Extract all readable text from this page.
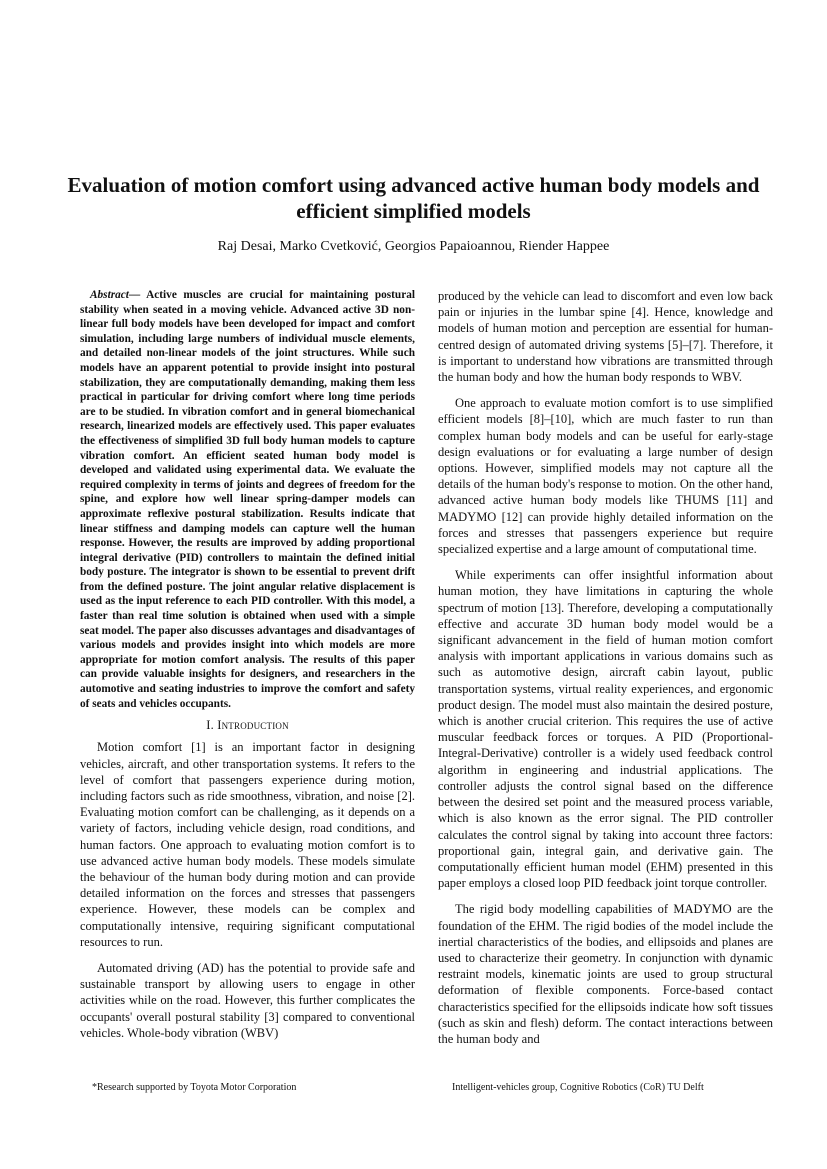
Evaluation of motion comfort using advanced active human body models and efficient simplified models
Raj Desai, Marko Cvetković, Georgios Papaioannou, Riender Happee

Abstract— Active muscles are crucial for maintaining postural stability when seated in a moving vehicle. Advanced active 3D non-linear full body models have been developed for impact and comfort simulation, including large numbers of individual muscle elements, and detailed non-linear models of the joint structures. While such models have an apparent potential to provide insight into postural stabilization, they are computationally demanding, making them less practical in particular for driving comfort where long time periods are to be studied. In vibration comfort and in general biomechanical research, linearized models are effectively used. This paper evaluates the effectiveness of simplified 3D full body human models to capture vibration comfort. An efficient seated human body model is developed and validated using experimental data. We evaluate the required complexity in terms of joints and degrees of freedom for the spine, and explore how well linear spring-damper models can approximate reflexive postural stabilization. Results indicate that linear stiffness and damping models can capture well the human response. However, the results are improved by adding proportional integral derivative (PID) controllers to maintain the defined initial body posture. The integrator is shown to be essential to prevent drift from the defined posture. The joint angular relative displacement is used as the input reference to each PID controller. With this model, a faster than real time solution is obtained when used with a simple seat model. The paper also discusses advantages and disadvantages of various models and provides insight into which models are more appropriate for motion comfort analysis. The results of this paper can provide valuable insights for designers, and researchers in the automotive and seating industries to improve the comfort and safety of seats and vehicles occupants.

I. Introduction

Motion comfort [1] is an important factor in designing vehicles, aircraft, and other transportation systems. It refers to the level of comfort that passengers experience during motion, including factors such as ride smoothness, vibration, and noise [2]. Evaluating motion comfort can be challenging, as it depends on a variety of factors, including vehicle design, road conditions, and human factors. One approach to evaluating motion comfort is to use advanced active human body models. These models simulate the behaviour of the human body during motion and can provide detailed information on the forces and stresses that passengers experience. However, these models can be complex and computationally intensive, requiring significant computational resources to run.

Automated driving (AD) has the potential to provide safe and sustainable transport by allowing users to engage in other activities while on the road. However, this further complicates the occupants' overall postural stability [3] compared to conventional vehicles. Whole-body vibration (WBV)

produced by the vehicle can lead to discomfort and even low back pain or injuries in the lumbar spine [4]. Hence, knowledge and models of human motion and perception are essential for human-centred design of automated driving systems [5]–[7]. Therefore, it is important to understand how vibrations are transmitted through the human body and how the human body responds to WBV.

One approach to evaluate motion comfort is to use simplified efficient models [8]–[10], which are much faster to run than complex human body models and can be useful for early-stage design evaluations or for evaluating a large number of design options. However, simplified models may not capture all the details of the human body's response to motion. On the other hand, advanced active human body models like THUMS [11] and MADYMO [12] can provide highly detailed information on the forces and stresses that passengers experience but require specialized expertise and a large amount of computational time.

While experiments can offer insightful information about human motion, they have limitations in capturing the whole spectrum of motion [13]. Therefore, developing a computationally effective and accurate 3D human body model would be a significant advancement in the field of human motion comfort analysis with important applications in various domains such as such as automotive design, aircraft cabin layout, public transportation systems, virtual reality experiences, and ergonomic product design. The model must also maintain the desired posture, which is another crucial criterion. This requires the use of active muscular feedback forces or torques. A PID (Proportional-Integral-Derivative) controller is a widely used feedback control algorithm in engineering and industrial applications. The controller adjusts the control signal based on the difference between the desired set point and the measured process variable, which is also known as the error signal. The PID controller calculates the control signal by taking into account three factors: proportional gain, integral gain, and derivative gain. The computationally efficient human model (EHM) presented in this paper employs a closed loop PID feedback joint torque controller.

The rigid body modelling capabilities of MADYMO are the foundation of the EHM. The rigid bodies of the model include the inertial characteristics of the bodies, and ellipsoids and planes are used to characterize their geometry. In conjunction with dynamic restraint models, kinematic joints are used to group structural deformation of flexible components. Force-based contact characteristics specified for the ellipsoids indicate how soft tissues (such as skin and flesh) deform. The contact interactions between the human body and

*Research supported by Toyota Motor Corporation	Intelligent-vehicles group, Cognitive Robotics (CoR) TU Delft
